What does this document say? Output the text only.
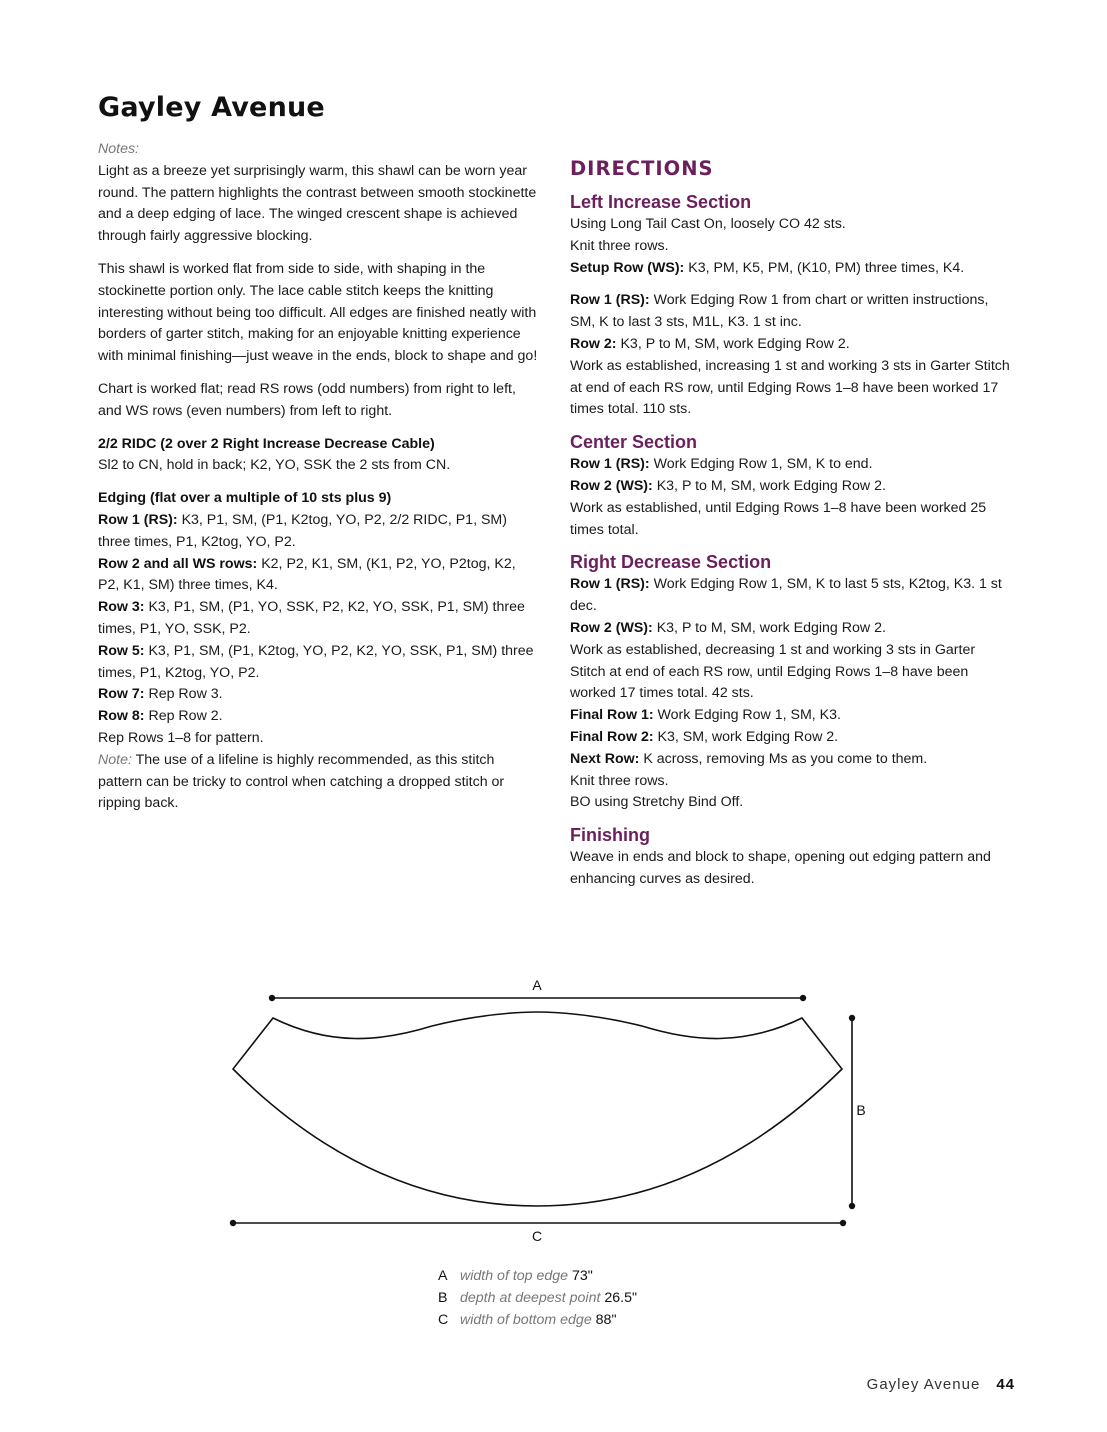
Gayley Avenue

Notes:

Light as a breeze yet surprisingly warm, this shawl can be worn year round. The pattern highlights the contrast between smooth stockinette and a deep edging of lace. The winged crescent shape is achieved through fairly aggressive blocking.

This shawl is worked flat from side to side, with shaping in the stockinette portion only. The lace cable stitch keeps the knitting interesting without being too difficult. All edges are finished neatly with borders of garter stitch, making for an enjoyable knitting experience with minimal finishing—just weave in the ends, block to shape and go!

Chart is worked flat; read RS rows (odd numbers) from right to left, and WS rows (even numbers) from left to right.

2/2 RIDC (2 over 2 Right Increase Decrease Cable)

Sl2 to CN, hold in back; K2, YO, SSK the 2 sts from CN.

Edging (flat over a multiple of 10 sts plus 9)

Row 1 (RS): K3, P1, SM, (P1, K2tog, YO, P2, 2/2 RIDC, P1, SM) three times, P1, K2tog, YO, P2.

Row 2 and all WS rows: K2, P2, K1, SM, (K1, P2, YO, P2tog, K2, P2, K1, SM) three times, K4.

Row 3: K3, P1, SM, (P1, YO, SSK, P2, K2, YO, SSK, P1, SM) three times, P1, YO, SSK, P2.

Row 5: K3, P1, SM, (P1, K2tog, YO, P2, K2, YO, SSK, P1, SM) three times, P1, K2tog, YO, P2.

Row 7: Rep Row 3.

Row 8: Rep Row 2.

Rep Rows 1–8 for pattern.

Note: The use of a lifeline is highly recommended, as this stitch pattern can be tricky to control when catching a dropped stitch or ripping back.

DIRECTIONS
Left Increase Section

Using Long Tail Cast On, loosely CO 42 sts.

Knit three rows.

Setup Row (WS): K3, PM, K5, PM, (K10, PM) three times, K4.

Row 1 (RS): Work Edging Row 1 from chart or written instructions, SM, K to last 3 sts, M1L, K3. 1 st inc.

Row 2: K3, P to M, SM, work Edging Row 2.

Work as established, increasing 1 st and working 3 sts in Garter Stitch at end of each RS row, until Edging Rows 1–8 have been worked 17 times total. 110 sts.

Center Section

Row 1 (RS): Work Edging Row 1, SM, K to end.

Row 2 (WS): K3, P to M, SM, work Edging Row 2.

Work as established, until Edging Rows 1–8 have been worked 25 times total.

Right Decrease Section

Row 1 (RS): Work Edging Row 1, SM, K to last 5 sts, K2tog, K3. 1 st dec.

Row 2 (WS): K3, P to M, SM, work Edging Row 2.

Work as established, decreasing 1 st and working 3 sts in Garter Stitch at end of each RS row, until Edging Rows 1–8 have been worked 17 times total. 42 sts.

Final Row 1: Work Edging Row 1, SM, K3.

Final Row 2: K3, SM, work Edging Row 2.

Next Row: K across, removing Ms as you come to them.

Knit three rows.

BO using Stretchy Bind Off.

Finishing

Weave in ends and block to shape, opening out edging pattern and enhancing curves as desired.

A
B
C
A width of top edge 73"
B depth at deepest point 26.5"
C width of bottom edge 88"
Gayley Avenue 44
